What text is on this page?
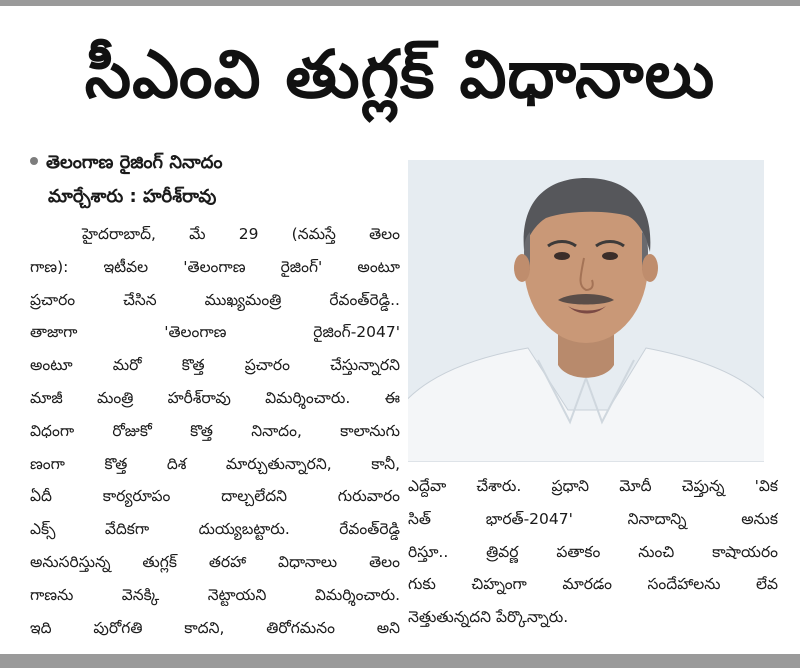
సీఎంవి తుగ్లక్ విధానాలు
తెలంగాణ రైజింగ్ నినాదం
మార్చేశారు : హరీశ్‌రావు
హైదరాబాద్, మే 29 (నమస్తే తెలం
గాణ): ఇటీవల 'తెలంగాణ రైజింగ్' అంటూ
ప్రచారం చేసిన ముఖ్యమంత్రి రేవంత్‌రెడ్డి..
తాజాగా 'తెలంగాణ రైజింగ్-2047'
అంటూ మరో కొత్త ప్రచారం చేస్తున్నారని
మాజీ మంత్రి హరీశ్‌రావు విమర్శించారు. ఈ
విధంగా రోజుకో కొత్త నినాదం, కాలానుగు
ణంగా కొత్త దిశ మార్చుతున్నారని, కానీ,
ఏదీ కార్యరూపం దాల్చలేదని గురువారం
ఎక్స్ వేదికగా దుయ్యబట్టారు. రేవంత్‌రెడ్డి
అనుసరిస్తున్న తుగ్లక్ తరహా విధానాలు తెలం
గాణను వెనక్కి నెట్టాయని విమర్శించారు.
ఇది పురోగతి కాదని, తిరోగమనం అని
ఎద్దేవా చేశారు. ప్రధాని మోదీ చెప్తున్న 'విక
సిత్ భారత్-2047' నినాదాన్ని అనుక
రిస్తూ.. త్రివర్ణ పతాకం నుంచి కాషాయరం
గుకు చిహ్నంగా మారడం సందేహాలను లేవ
నెత్తుతున్నదని పేర్కొన్నారు.
